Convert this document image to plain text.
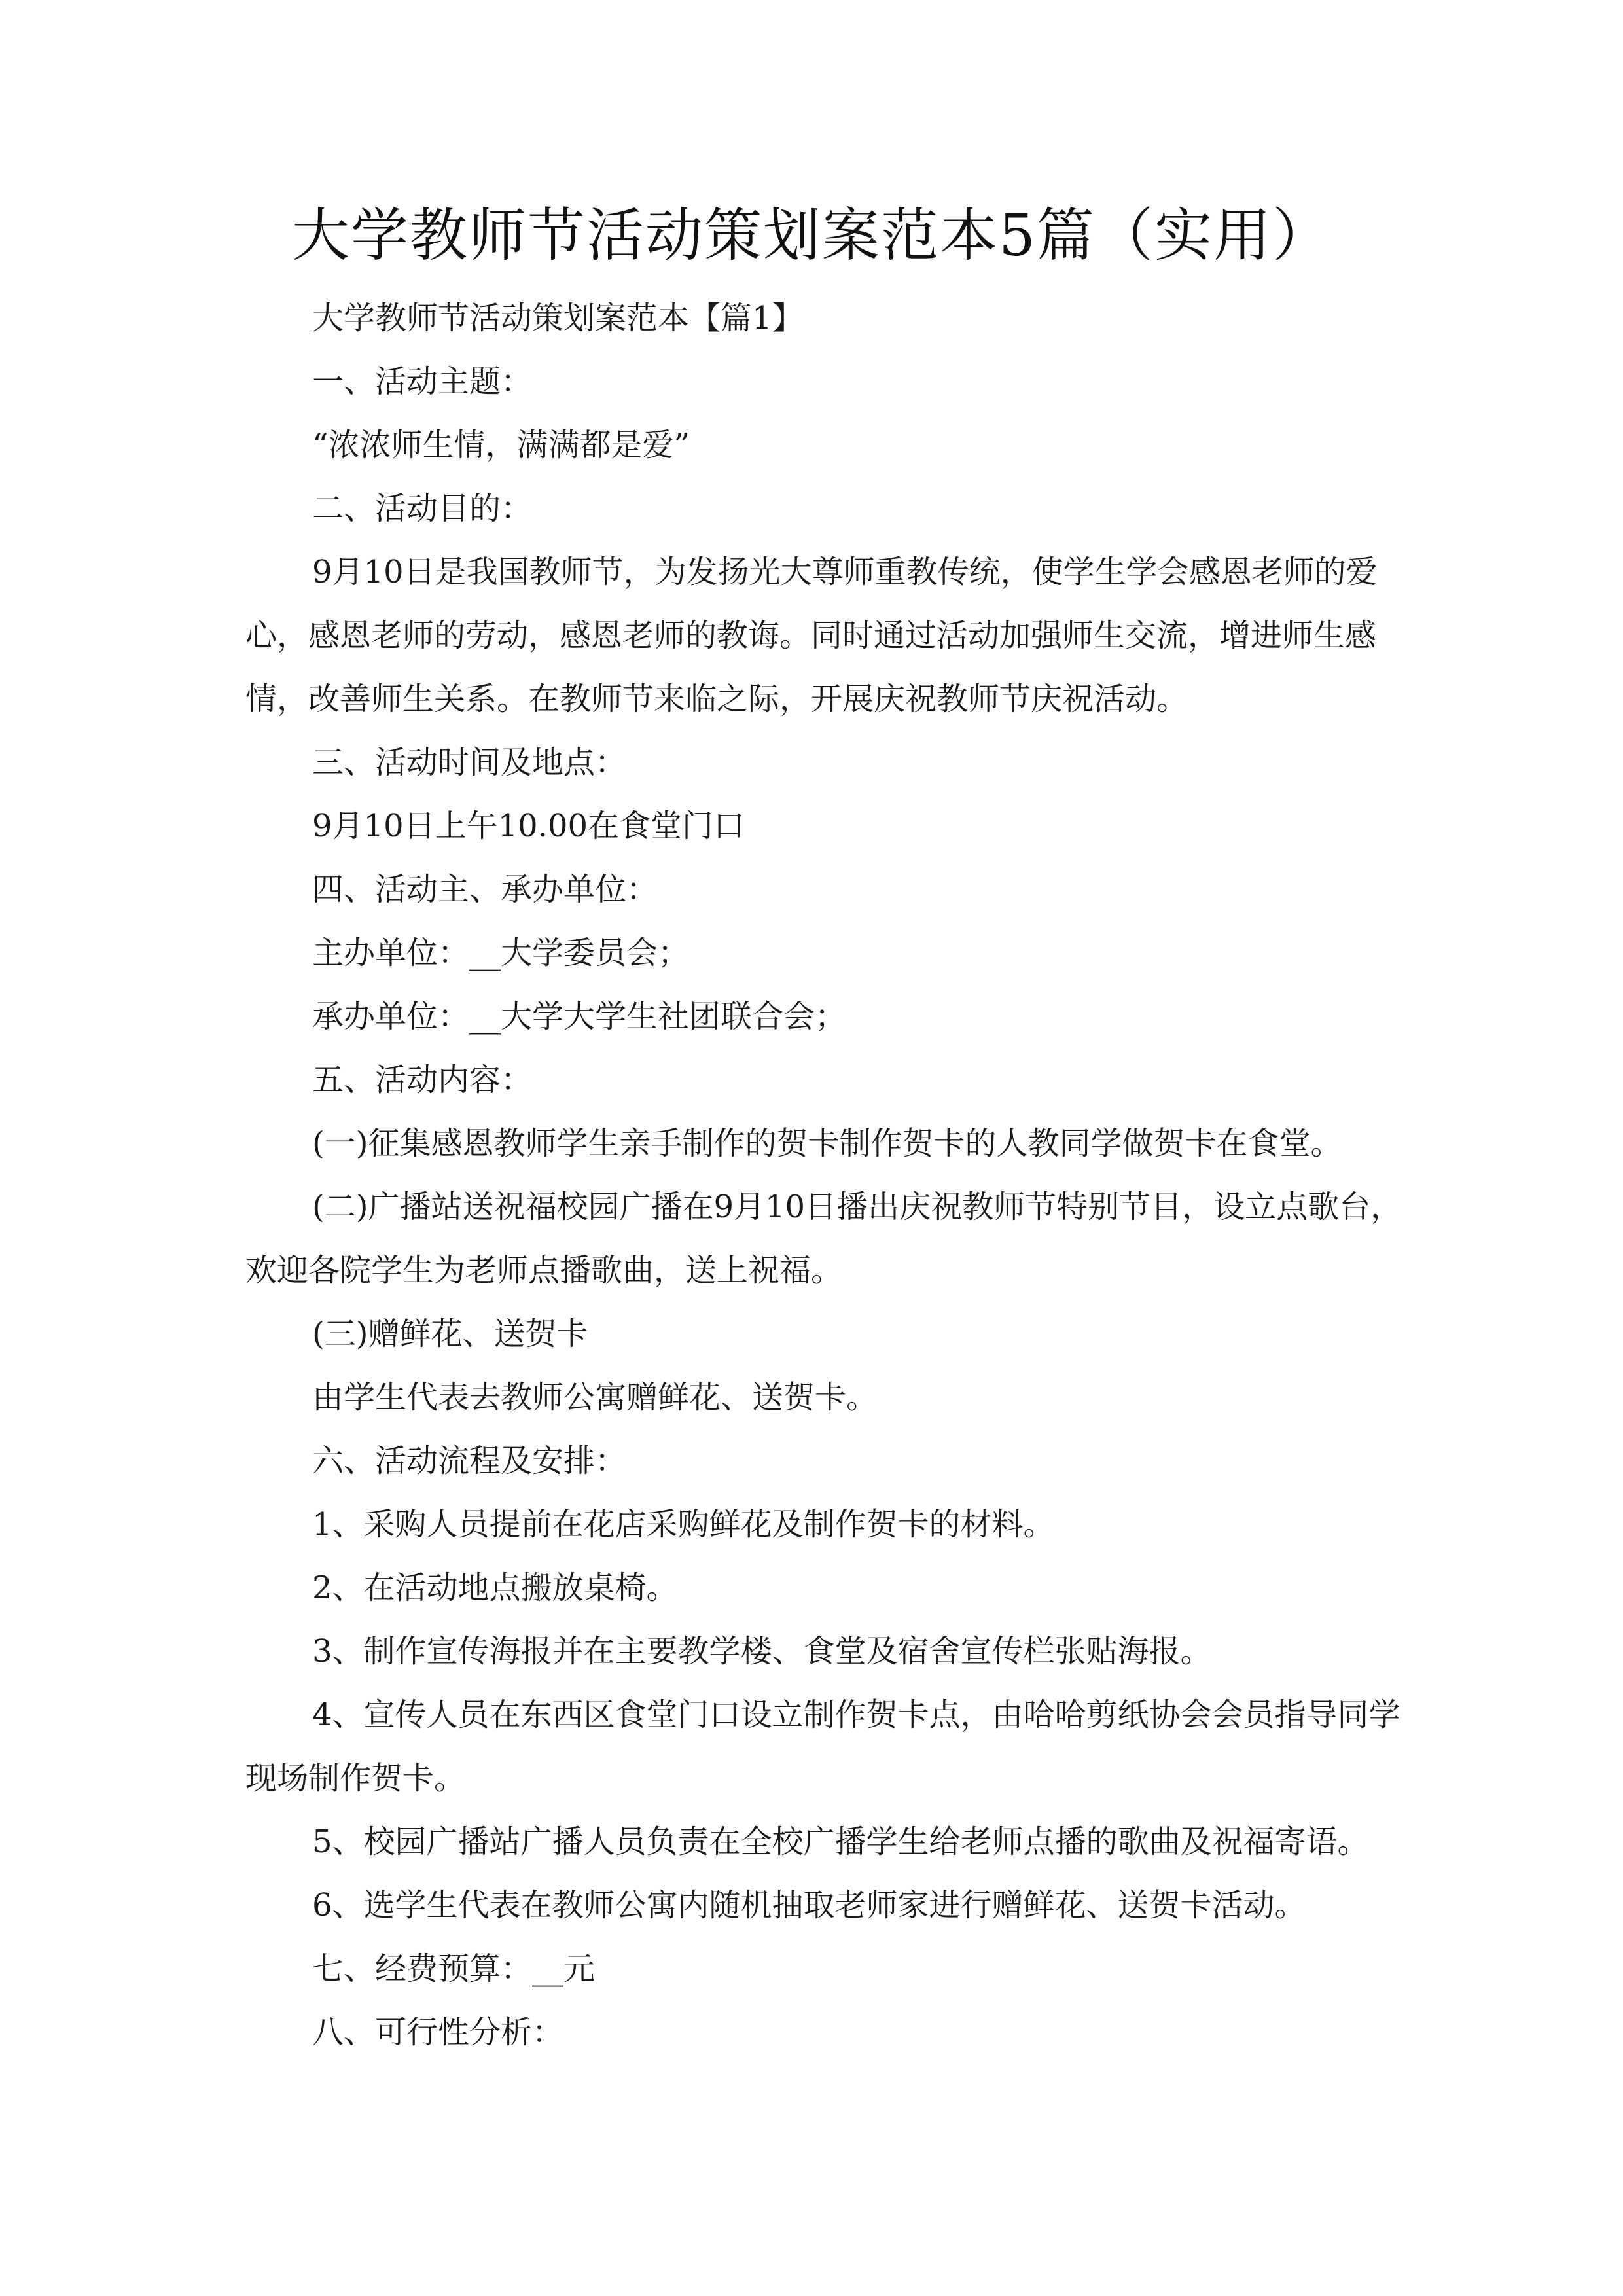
大学教师节活动策划案范本5篇（实用）

大学教师节活动策划案范本【篇1】

一、活动主题：

“浓浓师生情，满满都是爱”

二、活动目的：

9月10日是我国教师节，为发扬光大尊师重教传统，使学生学会感恩老师的爱心，感恩老师的劳动，感恩老师的教诲。同时通过活动加强师生交流，增进师生感情，改善师生关系。在教师节来临之际，开展庆祝教师节庆祝活动。

三、活动时间及地点：

9月10日上午10.00在食堂门口

四、活动主、承办单位：

主办单位：__大学委员会；

承办单位：__大学大学生社团联合会；

五、活动内容：

(一)征集感恩教师学生亲手制作的贺卡制作贺卡的人教同学做贺卡在食堂。

(二)广播站送祝福校园广播在9月10日播出庆祝教师节特别节目，设立点歌台，欢迎各院学生为老师点播歌曲，送上祝福。

(三)赠鲜花、送贺卡

由学生代表去教师公寓赠鲜花、送贺卡。

六、活动流程及安排：

1、采购人员提前在花店采购鲜花及制作贺卡的材料。

2、在活动地点搬放桌椅。

3、制作宣传海报并在主要教学楼、食堂及宿舍宣传栏张贴海报。

4、宣传人员在东西区食堂门口设立制作贺卡点，由哈哈剪纸协会会员指导同学现场制作贺卡。

5、校园广播站广播人员负责在全校广播学生给老师点播的歌曲及祝福寄语。

6、选学生代表在教师公寓内随机抽取老师家进行赠鲜花、送贺卡活动。

七、经费预算：__元

八、可行性分析：
